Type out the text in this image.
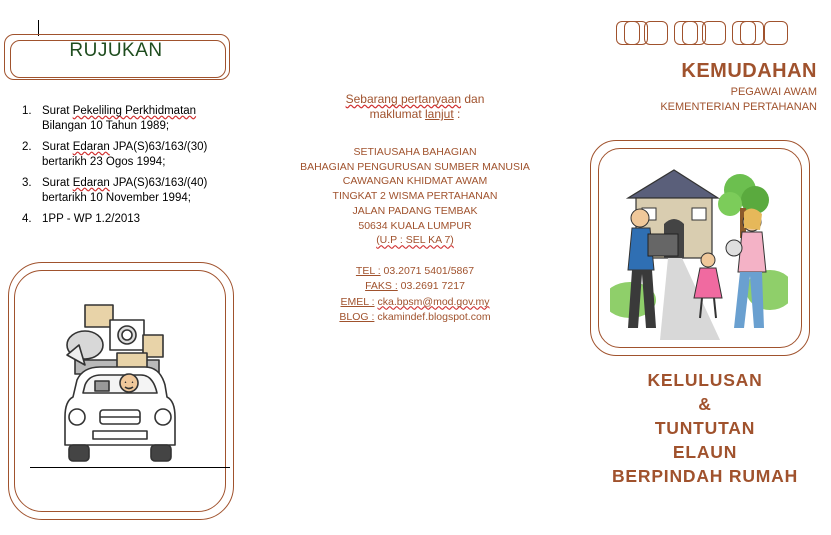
RUJUKAN
1. Surat Pekeliling Perkhidmatan
Bilangan 10 Tahun 1989;
2. Surat Edaran JPA(S)63/163/(30)
bertarikh 23 Ogos 1994;
3. Surat Edaran JPA(S)63/163/(40)
bertarikh 10 November 1994;
4. 1PP - WP 1.2/2013
Sebarang pertanyaan dan
maklumat lanjut :
SETIAUSAHA BAHAGIAN
BAHAGIAN PENGURUSAN SUMBER MANUSIA
CAWANGAN KHIDMAT AWAM
TINGKAT 2 WISMA PERTAHANAN
JALAN PADANG TEMBAK
50634 KUALA LUMPUR
(U.P : SEL KA 7)
TEL : 03.2071 5401/5867
FAKS : 03.2691 7217
EMEL : cka.bpsm@mod.gov.my
BLOG : ckamindef.blogspot.com
KEMUDAHAN
PEGAWAI AWAM
KEMENTERIAN PERTAHANAN
KELULUSAN
&
TUNTUTAN
ELAUN
BERPINDAH RUMAH
